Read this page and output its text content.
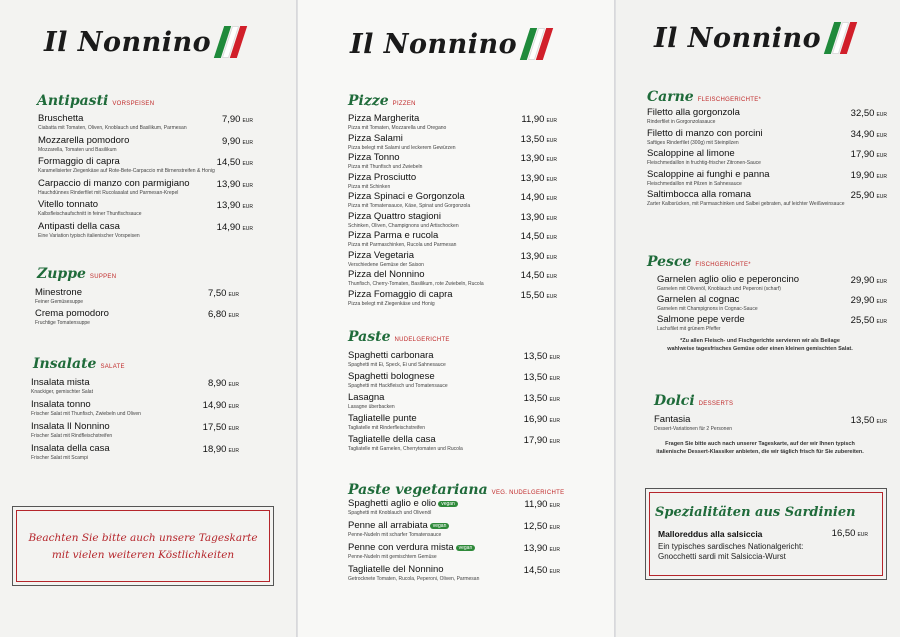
Il Nonnino
Antipasti VORSPEISEN
Bruschetta
Ciabatta mit Tomaten, Oliven, Knoblauch und Basilikum, Parmesan
7,90 EUR
Mozzarella pomodoro
Mozzarella, Tomaten und Basilikum
9,90 EUR
Formaggio di capra
Karamelisierter Ziegenkäse auf Rote-Bete-Carpaccio mit Birnenstreifen & Honig
14,50 EUR
Carpaccio di manzo con parmigiano
Hauchdünnes Rinderfilet mit Rucolasalat und Parmesan-Krepel
13,90 EUR
Vitello tonnato
Kalbsfleischaufschnitt in feiner Thunfischsauce
13,90 EUR
Antipasti della casa
Eine Variation typisch italienischer Vorspeisen
14,90 EUR
Zuppe SUPPEN
Minestrone
Feiner Gemüsesuppe
7,50 EUR
Crema pomodoro
Fruchtige Tomatensuppe
6,80 EUR
Insalate SALATE
Insalata mista
Knackiger, gemischter Salat
8,90 EUR
Insalata tonno
Frischer Salat mit Thunfisch, Zwiebeln und Oliven
14,90 EUR
Insalata Il Nonnino
Frischer Salat mit Rindfleischstreifen
17,50 EUR
Insalata della casa
Frischer Salat mit Scampi
18,90 EUR
Beachten Sie bitte auch unsere Tageskarte
mit vielen weiteren Köstlichkeiten
Il Nonnino
Pizze PIZZEN
Pizza Margherita
Pizza mit Tomaten, Mozzarella und Oregano
11,90 EUR
Pizza Salami
Pizza belegt mit Salami und leckerem Gewürzen
13,50 EUR
Pizza Tonno
Pizza mit Thunfisch und Zwiebeln
13,90 EUR
Pizza Prosciutto
Pizza mit Schinken
13,90 EUR
Pizza Spinaci e Gorgonzola
Pizza mit Tomatensauce, Käse, Spinat und Gorgonzola
14,90 EUR
Pizza Quattro stagioni
Schinken, Oliven, Champignons und Artischocken
13,90 EUR
Pizza Parma e rucola
Pizza mit Parmaschinken, Rucola und Parmesan
14,50 EUR
Pizza Vegetaria
Verschiedene Gemüse der Saison
13,90 EUR
Pizza del Nonnino
Thunfisch, Cherry-Tomaten, Basilikum, rote Zwiebeln, Rucola
14,50 EUR
Pizza Fomaggio di capra
Pizza belegt mit Ziegenkäse und Honig
15,50 EUR
Paste NUDELGERICHTE
Spaghetti carbonara
Spaghetti mit Ei, Speck, Ei und Sahnesauce
13,50 EUR
Spaghetti bolognese
Spaghetti mit Hackfleisch und Tomatensauce
13,50 EUR
Lasagna
Lasagne überbacken
13,50 EUR
Tagliatelle punte
Tagliatelle mit Rinderfleischstreifen
16,90 EUR
Tagliatelle della casa
Tagliatelle mit Garnelen, Cherrytomaten und Rucola
17,90 EUR
Paste vegetariana VEG. NUDELGERICHTE
Spaghetti aglio e olio vegan
Spaghetti mit Knoblauch und Olivenöl
11,90 EUR
Penne all arrabiata vegan
Penne-Nudeln mit scharfer Tomatensauce
12,50 EUR
Penne con verdura mista vegan
Penne-Nudeln mit gemischtem Gemüse
13,90 EUR
Tagliatelle del Nonnino
Getrocknete Tomaten, Rucola, Peperoni, Oliven, Parmesan
14,50 EUR
Il Nonnino
Carne FLEISCHGERICHTE*
Filetto alla gorgonzola
Rinderfilet in Gorgonzolasauce
32,50 EUR
Filetto di manzo con porcini
Saftiges Rinderfilet (300g) mit Steinpilzen
34,90 EUR
Scaloppine al limone
Fleischmedaillon in fruchtig-frischer Zitronen-Sauce
17,90 EUR
Scaloppine ai funghi e panna
Fleischmedaillon mit Pilzen in Sahnesauce
19,90 EUR
Saltimbocca alla romana
Zarter Kalbsrücken, mit Parmaschinken und Salbei gebraten, auf leichter Weißweinsauce
25,90 EUR
Pesce FISCHGERICHTE*
Garnelen aglio olio e peperoncino
Garnelen mit Olivenöl, Knoblauch und Peperoni (scharf)
29,90 EUR
Garnelen al cognac
Garnelen mit Champignons in Cognac-Sauce
29,90 EUR
Salmone pepe verde
Lachsfilet mit grünem Pfeffer
25,50 EUR
*Zu allen Fleisch- und Fischgerichte servieren wir als Beilage
wahlweise tagesfrisches Gemüse oder einen kleinen gemischten Salat.
Dolci DESSERTS
Fantasia
Dessert-Variationen für 2 Personen
13,50 EUR
Fragen Sie bitte auch nach unserer Tageskarte, auf der wir Ihnen typisch
italienische Dessert-Klassiker anbieten, die wir täglich frisch für Sie zubereiten.
Spezialitäten aus Sardinien
Malloreddus alla salsiccia	16,50 EUR
Ein typisches sardisches Nationalgericht:
Gnocchetti sardi mit Salsiccia-Wurst
